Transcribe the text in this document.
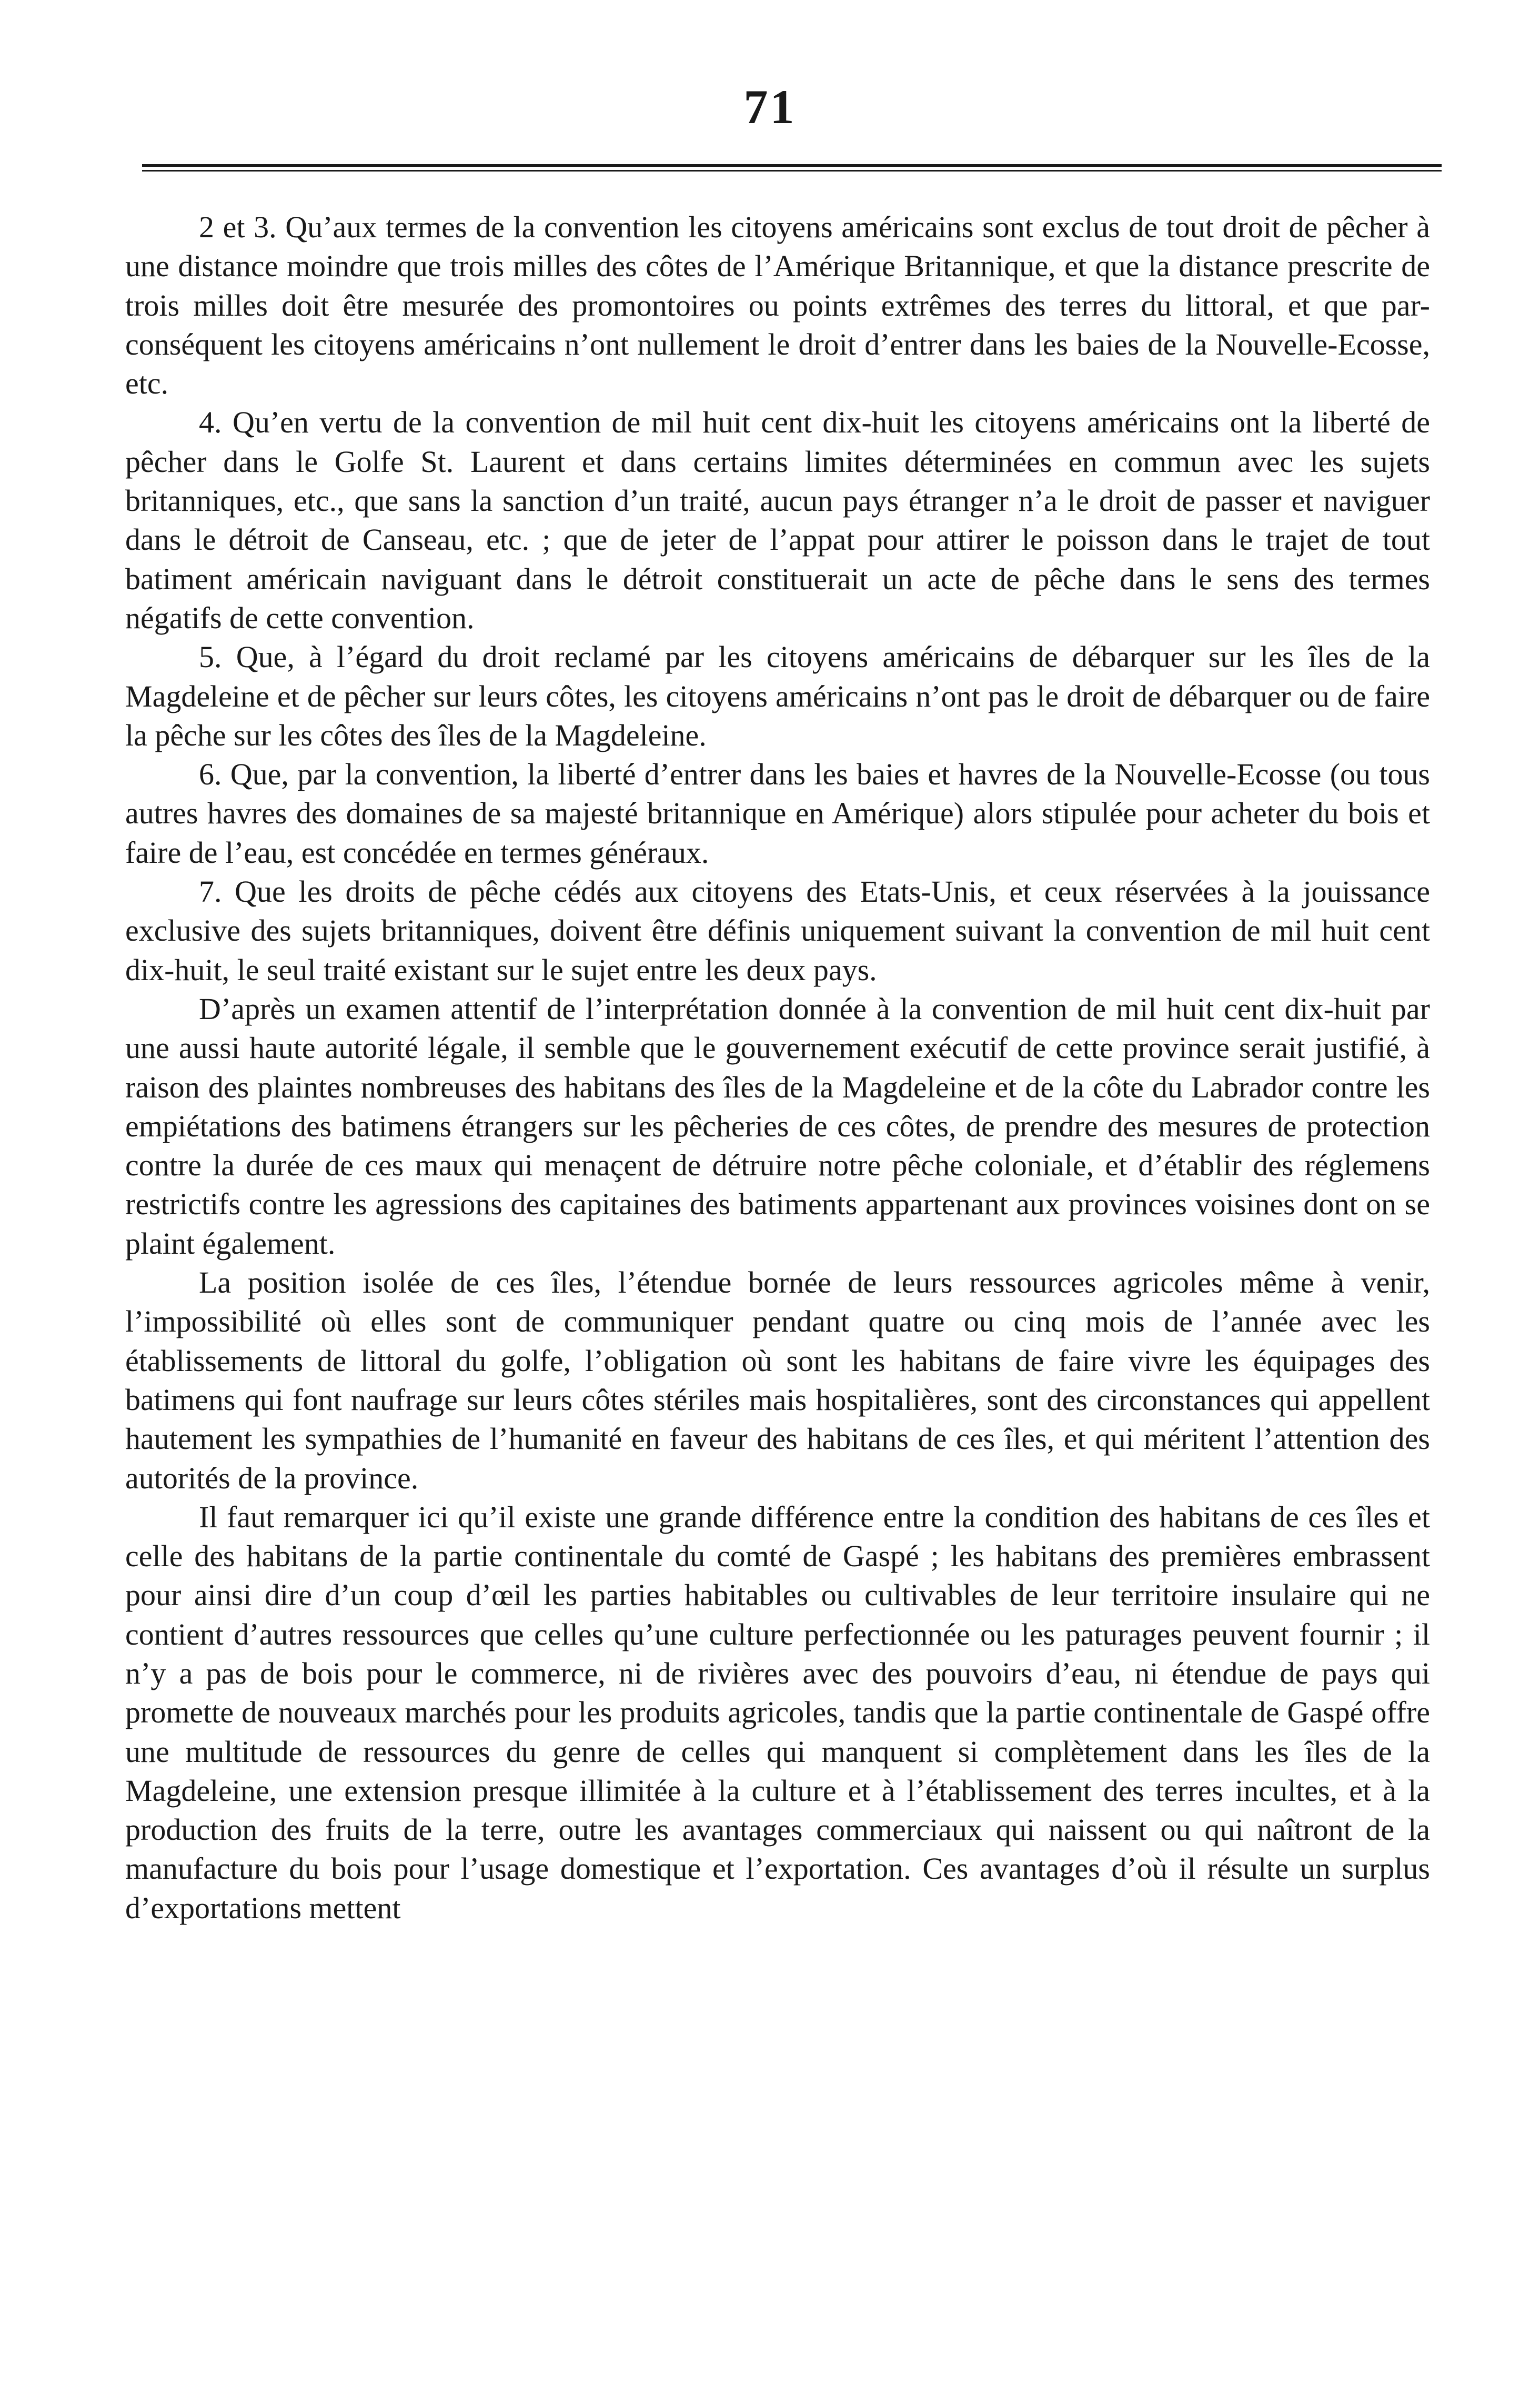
71

2 et 3. Qu’aux termes de la convention les citoyens américains sont exclus de tout droit de pêcher à une distance moindre que trois milles des côtes de l’Amérique Britannique, et que la distance prescrite de trois milles doit être mesurée des promontoires ou points extrêmes des terres du littoral, et que par-conséquent les citoyens américains n’ont nullement le droit d’entrer dans les baies de la Nouvelle-Ecosse, etc.

4. Qu’en vertu de la convention de mil huit cent dix-huit les citoyens américains ont la liberté de pêcher dans le Golfe St. Laurent et dans certains limites déterminées en commun avec les sujets britanniques, etc., que sans la sanction d’un traité, aucun pays étranger n’a le droit de passer et naviguer dans le détroit de Canseau, etc. ; que de jeter de l’appat pour attirer le poisson dans le trajet de tout batiment américain naviguant dans le détroit constituerait un acte de pêche dans le sens des termes négatifs de cette convention.

5. Que, à l’égard du droit reclamé par les citoyens américains de débarquer sur les îles de la Magdeleine et de pêcher sur leurs côtes, les citoyens américains n’ont pas le droit de débarquer ou de faire la pêche sur les côtes des îles de la Magdeleine.

6. Que, par la convention, la liberté d’entrer dans les baies et havres de la Nouvelle-Ecosse (ou tous autres havres des domaines de sa majesté britannique en Amérique) alors stipulée pour acheter du bois et faire de l’eau, est concédée en termes généraux.

7. Que les droits de pêche cédés aux citoyens des Etats-Unis, et ceux réservées à la jouissance exclusive des sujets britanniques, doivent être définis uniquement suivant la convention de mil huit cent dix-huit, le seul traité existant sur le sujet entre les deux pays.

D’après un examen attentif de l’interprétation donnée à la convention de mil huit cent dix-huit par une aussi haute autorité légale, il semble que le gouvernement exécutif de cette province serait justifié, à raison des plaintes nombreuses des habitans des îles de la Magdeleine et de la côte du Labrador contre les empiétations des batimens étrangers sur les pêcheries de ces côtes, de prendre des mesures de protection contre la durée de ces maux qui menaçent de détruire notre pêche coloniale, et d’établir des réglemens restrictifs contre les agressions des capitaines des batiments appartenant aux provinces voisines dont on se plaint également.

La position isolée de ces îles, l’étendue bornée de leurs ressources agricoles même à venir, l’impossibilité où elles sont de communiquer pendant quatre ou cinq mois de l’année avec les établissements de littoral du golfe, l’obligation où sont les habitans de faire vivre les équipages des batimens qui font naufrage sur leurs côtes stériles mais hospitalières, sont des circonstances qui appellent hautement les sympathies de l’humanité en faveur des habitans de ces îles, et qui méritent l’attention des autorités de la province.

Il faut remarquer ici qu’il existe une grande différence entre la condition des habitans de ces îles et celle des habitans de la partie continentale du comté de Gaspé ; les habitans des premières embrassent pour ainsi dire d’un coup d’œil les parties habitables ou cultivables de leur territoire insulaire qui ne contient d’autres ressources que celles qu’une culture perfectionnée ou les paturages peuvent fournir ; il n’y a pas de bois pour le commerce, ni de rivières avec des pouvoirs d’eau, ni étendue de pays qui promette de nouveaux marchés pour les produits agricoles, tandis que la partie continentale de Gaspé offre une multitude de ressources du genre de celles qui manquent si complètement dans les îles de la Magdeleine, une extension presque illimitée à la culture et à l’établissement des terres incultes, et à la production des fruits de la terre, outre les avantages commerciaux qui naissent ou qui naîtront de la manufacture du bois pour l’usage domestique et l’exportation. Ces avantages d’où il résulte un surplus d’exportations mettent
